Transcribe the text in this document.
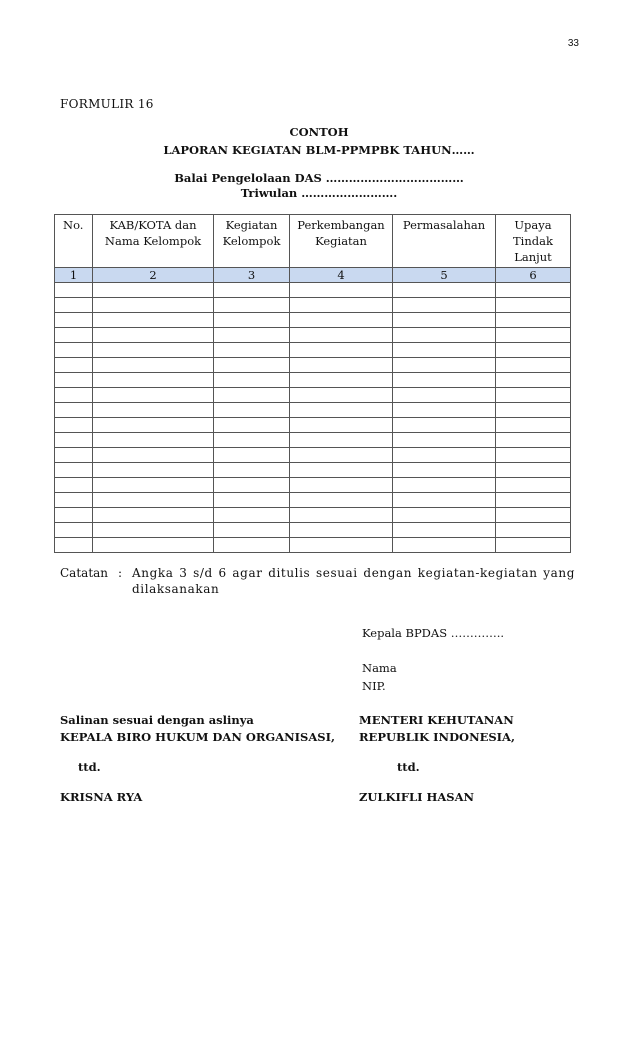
33
FORMULIR 16
CONTOH
LAPORAN KEGIATAN BLM-PPMPBK TAHUN……
Balai Pengelolaan DAS ………………………………
Triwulan …………………….
No.	KAB/KOTA dan Nama Kelompok	Kegiatan Kelompok	Perkembangan Kegiatan	Permasalahan	Upaya Tindak Lanjut
1	2	3	4	5	6

Catatan : Angka 3 s/d 6 agar ditulis sesuai dengan kegiatan-kegiatan yang dilaksanakan
Kepala BPDAS …………..
Nama
NIP.
Salinan sesuai dengan aslinya
KEPALA BIRO HUKUM DAN ORGANISASI,
ttd.
KRISNA RYA
MENTERI KEHUTANAN
REPUBLIK INDONESIA,
ttd.
ZULKIFLI HASAN
